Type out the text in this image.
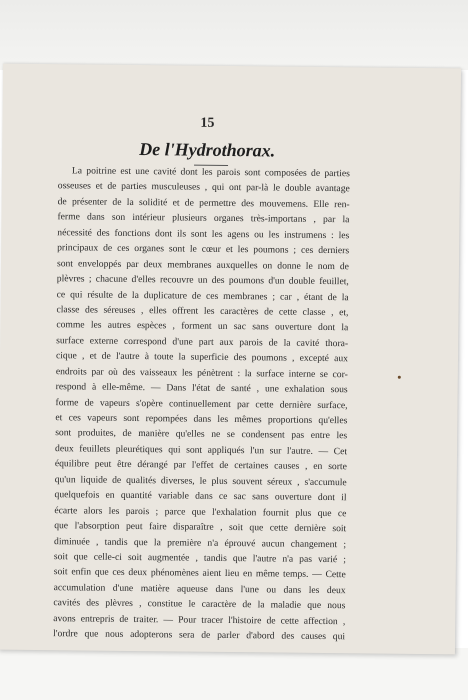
15
De l'Hydrothorax.
La poitrine est une cavité dont les parois sont composées de parties
osseuses et de parties musculeuses , qui ont par-là le double avantage
de présenter de la solidité et de permettre des mouvemens. Elle ren-
ferme dans son intérieur plusieurs organes très-importans , par la
nécessité des fonctions dont ils sont les agens ou les instrumens : les
principaux de ces organes sont le cœur et les poumons ; ces derniers
sont enveloppés par deux membranes auxquelles on donne le nom de
plèvres ; chacune d'elles recouvre un des poumons d'un double feuillet,
ce qui résulte de la duplicature de ces membranes ; car , étant de la
classe des séreuses , elles offrent les caractères de cette classe , et,
comme les autres espèces , forment un sac sans ouverture dont la
surface externe correspond d'une part aux parois de la cavité thora-
cique , et de l'autre à toute la superficie des poumons , excepté aux
endroits par où des vaisseaux les pénètrent : la surface interne se cor-
respond à elle-même. — Dans l'état de santé , une exhalation sous
forme de vapeurs s'opère continuellement par cette dernière surface,
et ces vapeurs sont repompées dans les mêmes proportions qu'elles
sont produites, de manière qu'elles ne se condensent pas entre les
deux feuillets pleurétiques qui sont appliqués l'un sur l'autre. — Cet
équilibre peut être dérangé par l'effet de certaines causes , en sorte
qu'un liquide de qualités diverses, le plus souvent séreux , s'accumule
quelquefois en quantité variable dans ce sac sans ouverture dont il
écarte alors les parois ; parce que l'exhalation fournit plus que ce
que l'absorption peut faire disparaître , soit que cette dernière soit
diminuée , tandis que la première n'a éprouvé aucun changement ;
soit que celle-ci soit augmentée , tandis que l'autre n'a pas varié ;
soit enfin que ces deux phénomènes aient lieu en même temps. — Cette
accumulation d'une matière aqueuse dans l'une ou dans les deux
cavités des plèvres , constitue le caractère de la maladie que nous
avons entrepris de traiter. — Pour tracer l'histoire de cette affection ,
l'ordre que nous adopterons sera de parler d'abord des causes qui
